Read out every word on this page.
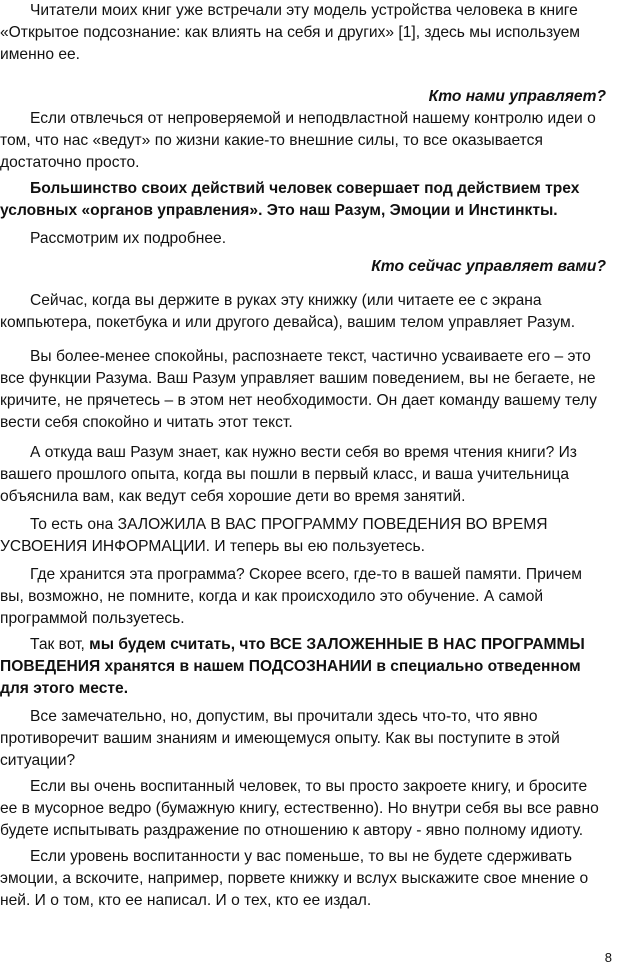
Читатели моих книг уже встречали эту модель устройства человека в книге «Открытое подсознание: как влиять на себя и других» [1], здесь мы используем именно ее.

Кто нами управляет?

Если отвлечься от непроверяемой и неподвластной нашему контролю идеи о том, что нас «ведут» по жизни какие-то внешние силы, то все оказывается достаточно просто.

Большинство своих действий человек совершает под действием трех условных «органов управления». Это наш Разум, Эмоции и Инстинкты.

Рассмотрим их подробнее.

Кто сейчас управляет вами?

Сейчас, когда вы держите в руках эту книжку (или читаете ее с экрана компьютера, покетбука и или другого девайса), вашим телом управляет Разум.

Вы более-менее спокойны, распознаете текст, частично усваиваете его – это все функции Разума. Ваш Разум управляет вашим поведением, вы не бегаете, не кричите, не прячетесь – в этом нет необходимости. Он дает команду вашему телу вести себя спокойно и читать этот текст.

А откуда ваш Разум знает, как нужно вести себя во время чтения книги? Из вашего прошлого опыта, когда вы пошли в первый класс, и ваша учительница объяснила вам, как ведут себя хорошие дети во время занятий.

То есть она ЗАЛОЖИЛА В ВАС ПРОГРАММУ ПОВЕДЕНИЯ ВО ВРЕМЯ УСВОЕНИЯ ИНФОРМАЦИИ. И теперь вы ею пользуетесь.

Где хранится эта программа? Скорее всего, где-то в вашей памяти. Причем вы, возможно, не помните, когда и как происходило это обучение. А самой программой пользуетесь.

Так вот, мы будем считать, что ВСЕ ЗАЛОЖЕННЫЕ В НАС ПРОГРАММЫ ПОВЕДЕНИЯ хранятся в нашем ПОДСОЗНАНИИ в специально отведенном для этого месте.

Все замечательно, но, допустим, вы прочитали здесь что-то, что явно противоречит вашим знаниям и имеющемуся опыту. Как вы поступите в этой ситуации?

Если вы очень воспитанный человек, то вы просто закроете книгу, и бросите ее в мусорное ведро (бумажную книгу, естественно). Но внутри себя вы все равно будете испытывать раздражение по отношению к автору - явно полному идиоту.

Если уровень воспитанности у вас поменьше, то вы не будете сдерживать эмоции, а вскочите, например, порвете книжку и вслух выскажите свое мнение о ней. И о том, кто ее написал. И о тех, кто ее издал.

8
